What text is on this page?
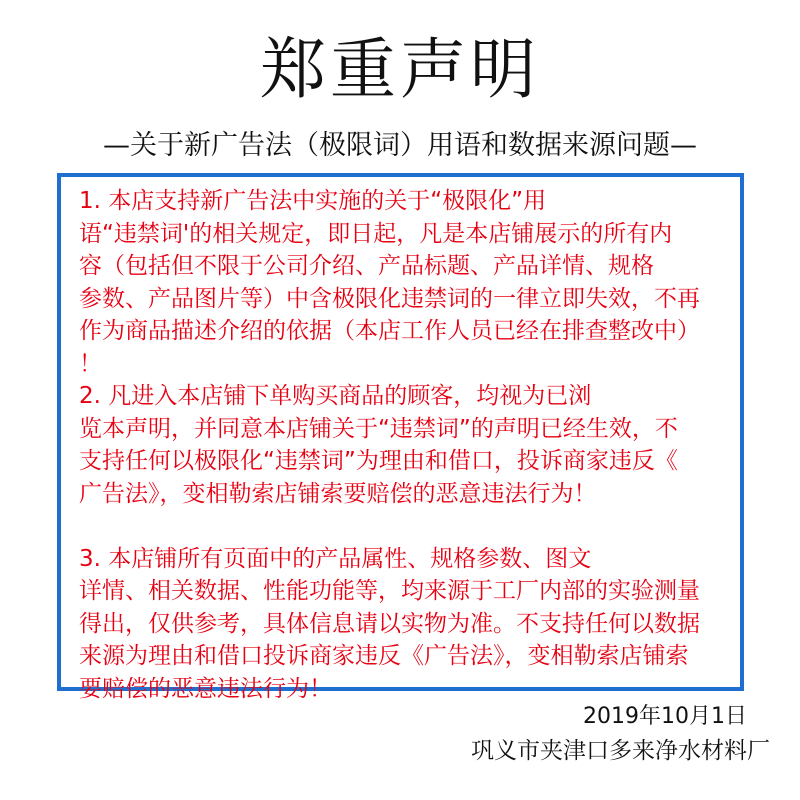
郑重声明
—关于新广告法（极限词）用语和数据来源问题—

1. 本店支持新广告法中实施的关于“极限化”用
语“违禁词'的相关规定，即日起，凡是本店铺展示的所有内
容（包括但不限于公司介绍、产品标题、产品详情、规格
参数、产品图片等）中含极限化违禁词的一律立即失效，不再
作为商品描述介绍的依据（本店工作人员已经在排查整改中）
！

2. 凡进入本店铺下单购买商品的顾客，均视为已浏
览本声明，并同意本店铺关于“违禁词”的声明已经生效，不
支持任何以极限化“违禁词”为理由和借口，投诉商家违反《
广告法》，变相勒索店铺索要赔偿的恶意违法行为！

3. 本店铺所有页面中的产品属性、规格参数、图文
详情、相关数据、性能功能等，均来源于工厂内部的实验测量
得出，仅供参考，具体信息请以实物为准。不支持任何以数据
来源为理由和借口投诉商家违反《广告法》，变相勒索店铺索
要赔偿的恶意违法行为！

2019年10月1日
巩义市夹津口多来净水材料厂
